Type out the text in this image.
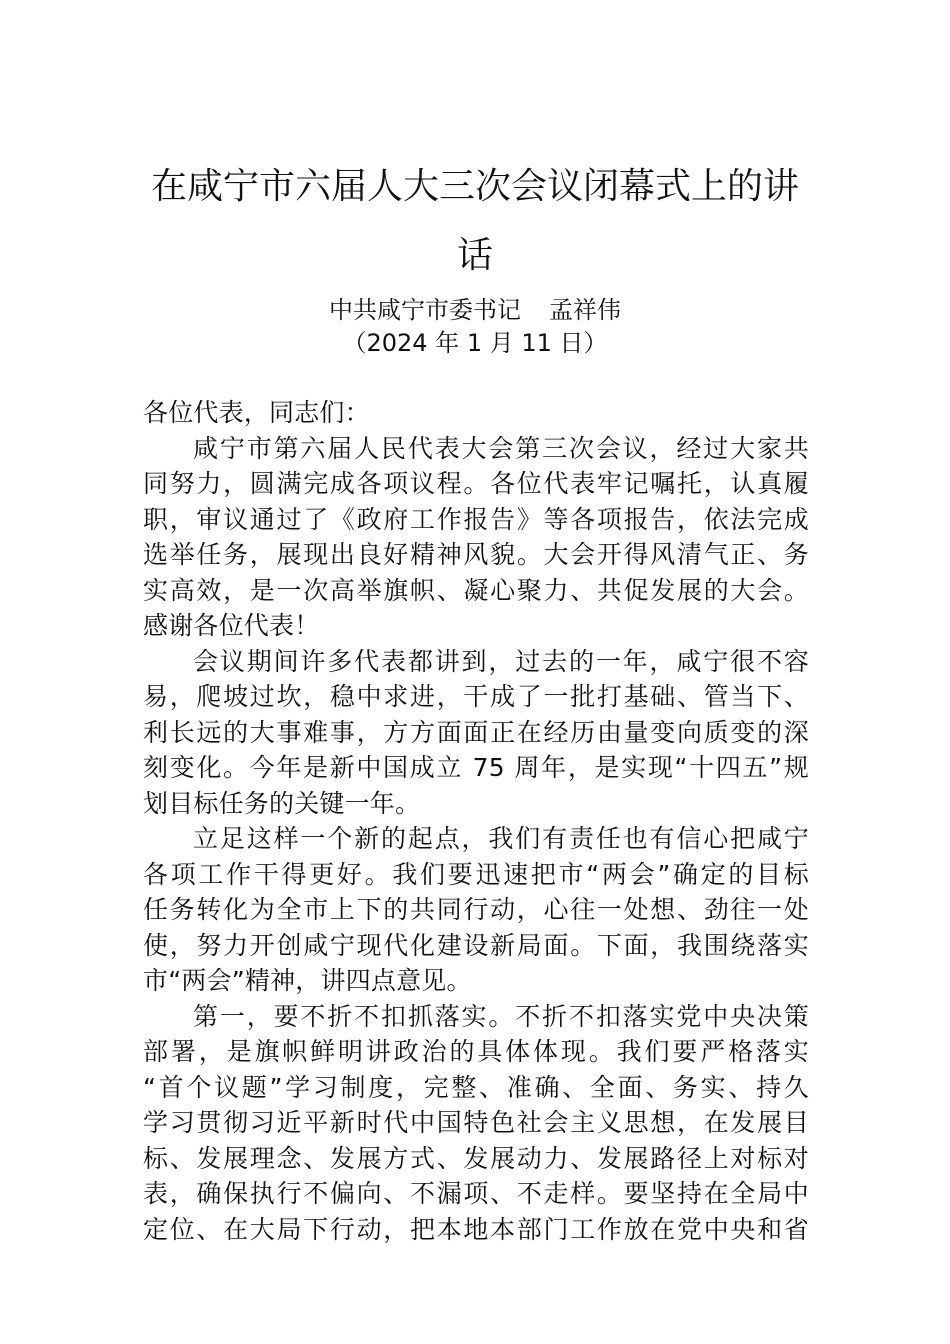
在咸宁市六届人大三次会议闭幕式上的讲
话
中共咸宁市委书记 孟祥伟
（2024 年 1 月 11 日）
各位代表，同志们：
咸宁市第六届人民代表大会第三次会议，经过大家共
同努力，圆满完成各项议程。各位代表牢记嘱托，认真履
职，审议通过了《政府工作报告》等各项报告，依法完成
选举任务，展现出良好精神风貌。大会开得风清气正、务
实高效，是一次高举旗帜、凝心聚力、共促发展的大会。
感谢各位代表！
会议期间许多代表都讲到，过去的一年，咸宁很不容
易，爬坡过坎，稳中求进，干成了一批打基础、管当下、
利长远的大事难事，方方面面正在经历由量变向质变的深
刻变化。今年是新中国成立 75 周年，是实现“十四五”规
划目标任务的关键一年。
立足这样一个新的起点，我们有责任也有信心把咸宁
各项工作干得更好。我们要迅速把市“两会”确定的目标
任务转化为全市上下的共同行动，心往一处想、劲往一处
使，努力开创咸宁现代化建设新局面。下面，我围绕落实
市“两会”精神，讲四点意见。
第一，要不折不扣抓落实。不折不扣落实党中央决策
部署，是旗帜鲜明讲政治的具体体现。我们要严格落实
“首个议题”学习制度，完整、准确、全面、务实、持久
学习贯彻习近平新时代中国特色社会主义思想，在发展目
标、发展理念、发展方式、发展动力、发展路径上对标对
表，确保执行不偏向、不漏项、不走样。要坚持在全局中
定位、在大局下行动，把本地本部门工作放在党中央和省
